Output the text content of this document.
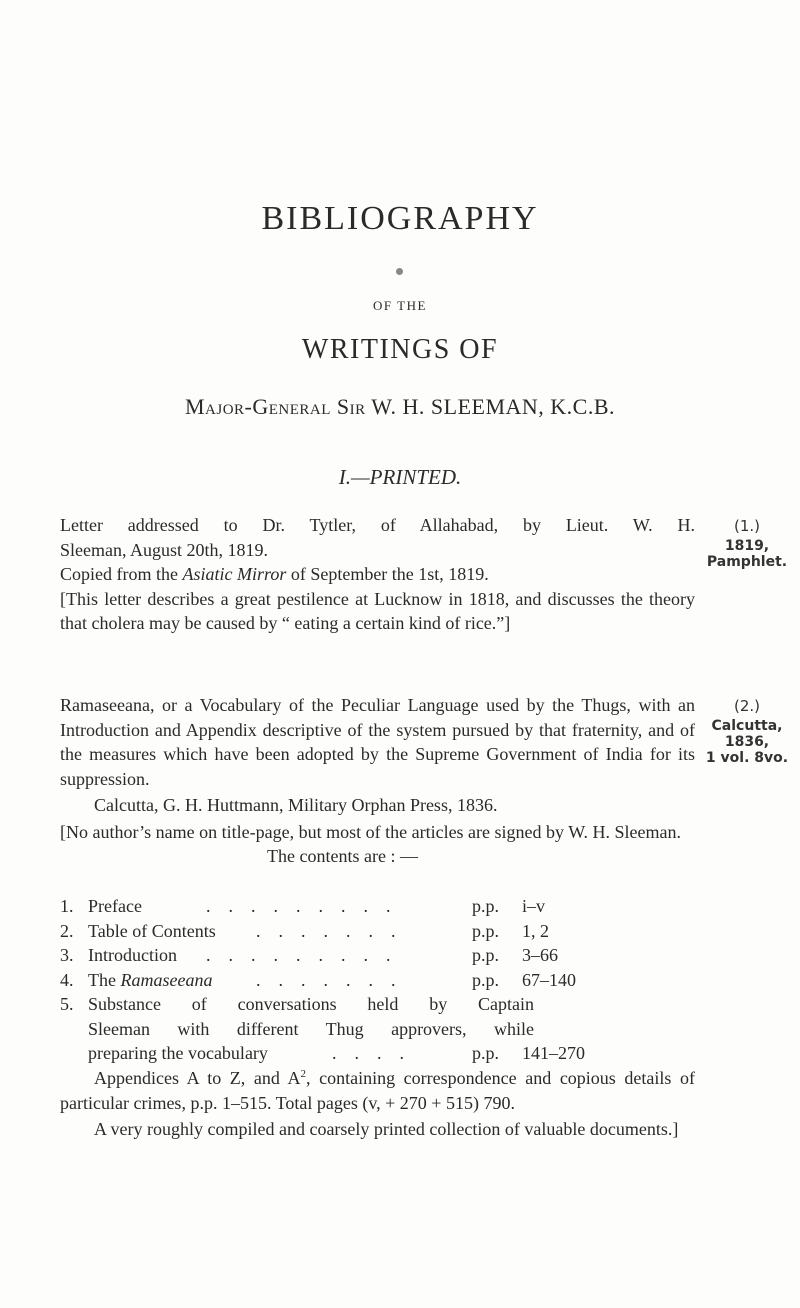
BIBLIOGRAPHY
OF THE
WRITINGS OF
Major-General Sir W. H. SLEEMAN, K.C.B.
I.—PRINTED.
Letter addressed to Dr. Tytler, of Allahabad, by Lieut. W. H.
Sleeman, August 20th, 1819.
Copied from the Asiatic Mirror of September the 1st, 1819.

[This letter describes a great pestilence at Lucknow in 1818, and discusses the theory that cholera may be caused by “ eating a certain kind of rice.”]

(1.)
1819,
Pamphlet.

Ramaseeana, or a Vocabulary of the Peculiar Language used by the Thugs, with an Introduction and Appendix descriptive of the system pursued by that fraternity, and of the measures which have been adopted by the Supreme Government of India for its suppression.

Calcutta, G. H. Huttmann, Military Orphan Press, 1836.

[No author’s name on title-page, but most of the articles are signed by W. H. Sleeman.

The contents are : —
(2.)
Calcutta,
1836,
1 vol. 8vo.
1. Preface	.    .    .    .    .    .    .    .    .	p.p. i–v
2. Table of Contents .    .    .    .    .    .    .	p.p. 1, 2
3. Introduction .    .    .    .    .    .    .    .    .	p.p. 3–66
4. The Ramaseeana .    .    .    .    .    .    .	p.p. 67–140
5. Substance of conversations held by Captain
Sleeman with different Thug approvers, while
preparing the vocabulary	.    .    .    .	p.p. 141–270

Appendices A to Z, and $A^2$, containing correspondence and copious details of particular crimes, p.p. 1–515. Total pages (v, + 270 + 515) 790.

A very roughly compiled and coarsely printed collection of valuable documents.]
